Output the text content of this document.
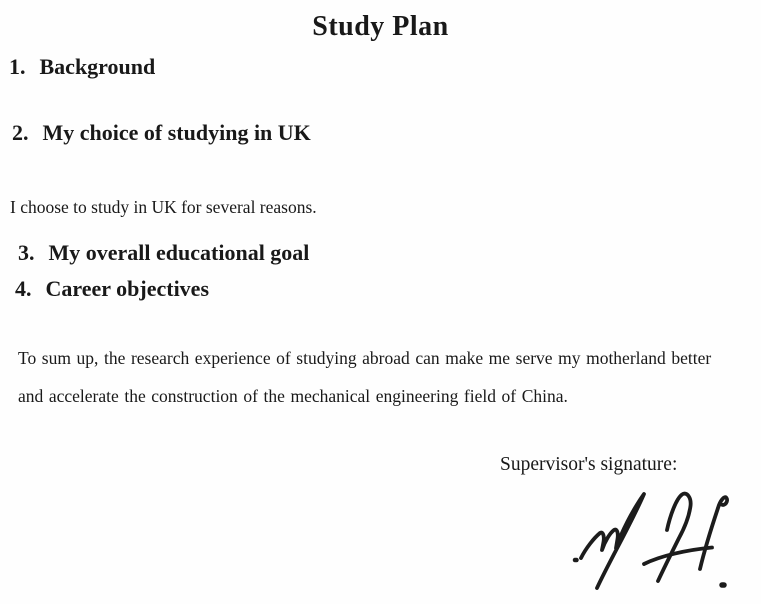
Study Plan
1. Background
2. My choice of studying in UK
I choose to study in UK for several reasons.
3. My overall educational goal
4. Career objectives
To sum up, the research experience of studying abroad can make me serve my motherland better
and accelerate the construction of the mechanical engineering field of China.
Supervisor's signature:
